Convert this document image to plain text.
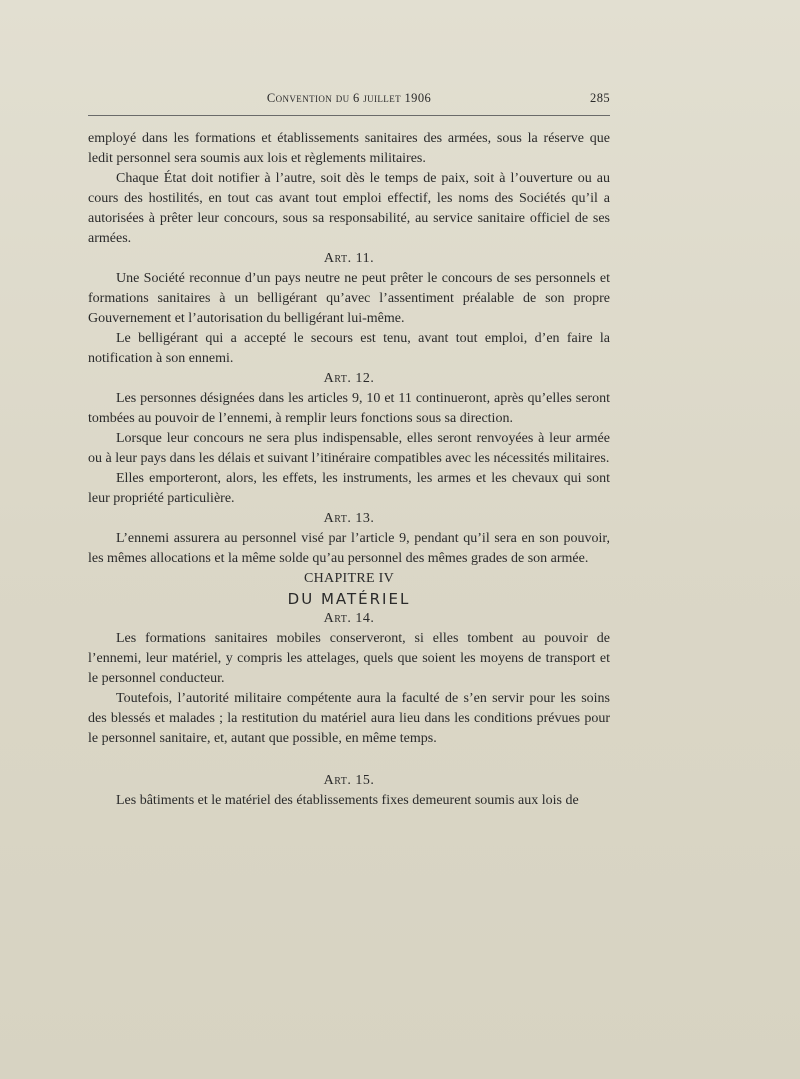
Convention du 6 juillet 1906	285

employé dans les formations et établissements sanitaires des armées, sous la réserve que ledit personnel sera soumis aux lois et règlements militaires.

Chaque État doit notifier à l’autre, soit dès le temps de paix, soit à l’ouverture ou au cours des hostilités, en tout cas avant tout emploi effectif, les noms des Sociétés qu’il a autorisées à prêter leur concours, sous sa responsabilité, au service sanitaire officiel de ses armées.

Art. 11.

Une Société reconnue d’un pays neutre ne peut prêter le concours de ses personnels et formations sanitaires à un belligérant qu’avec l’assentiment préalable de son propre Gouvernement et l’autorisation du belligérant lui-même.

Le belligérant qui a accepté le secours est tenu, avant tout emploi, d’en faire la notification à son ennemi.

Art. 12.

Les personnes désignées dans les articles 9, 10 et 11 continueront, après qu’elles seront tombées au pouvoir de l’ennemi, à remplir leurs fonctions sous sa direction.

Lorsque leur concours ne sera plus indispensable, elles seront renvoyées à leur armée ou à leur pays dans les délais et suivant l’itinéraire compatibles avec les nécessités militaires.

Elles emporteront, alors, les effets, les instruments, les armes et les chevaux qui sont leur propriété particulière.

Art. 13.

L’ennemi assurera au personnel visé par l’article 9, pendant qu’il sera en son pouvoir, les mêmes allocations et la même solde qu’au personnel des mêmes grades de son armée.

CHAPITRE IV

DU MATÉRIEL

Art. 14.

Les formations sanitaires mobiles conserveront, si elles tombent au pouvoir de l’ennemi, leur matériel, y compris les attelages, quels que soient les moyens de transport et le personnel conducteur.

Toutefois, l’autorité militaire compétente aura la faculté de s’en servir pour les soins des blessés et malades ; la restitution du matériel aura lieu dans les conditions prévues pour le personnel sanitaire, et, autant que possible, en même temps.

Art. 15.

Les bâtiments et le matériel des établissements fixes demeurent soumis aux lois de
